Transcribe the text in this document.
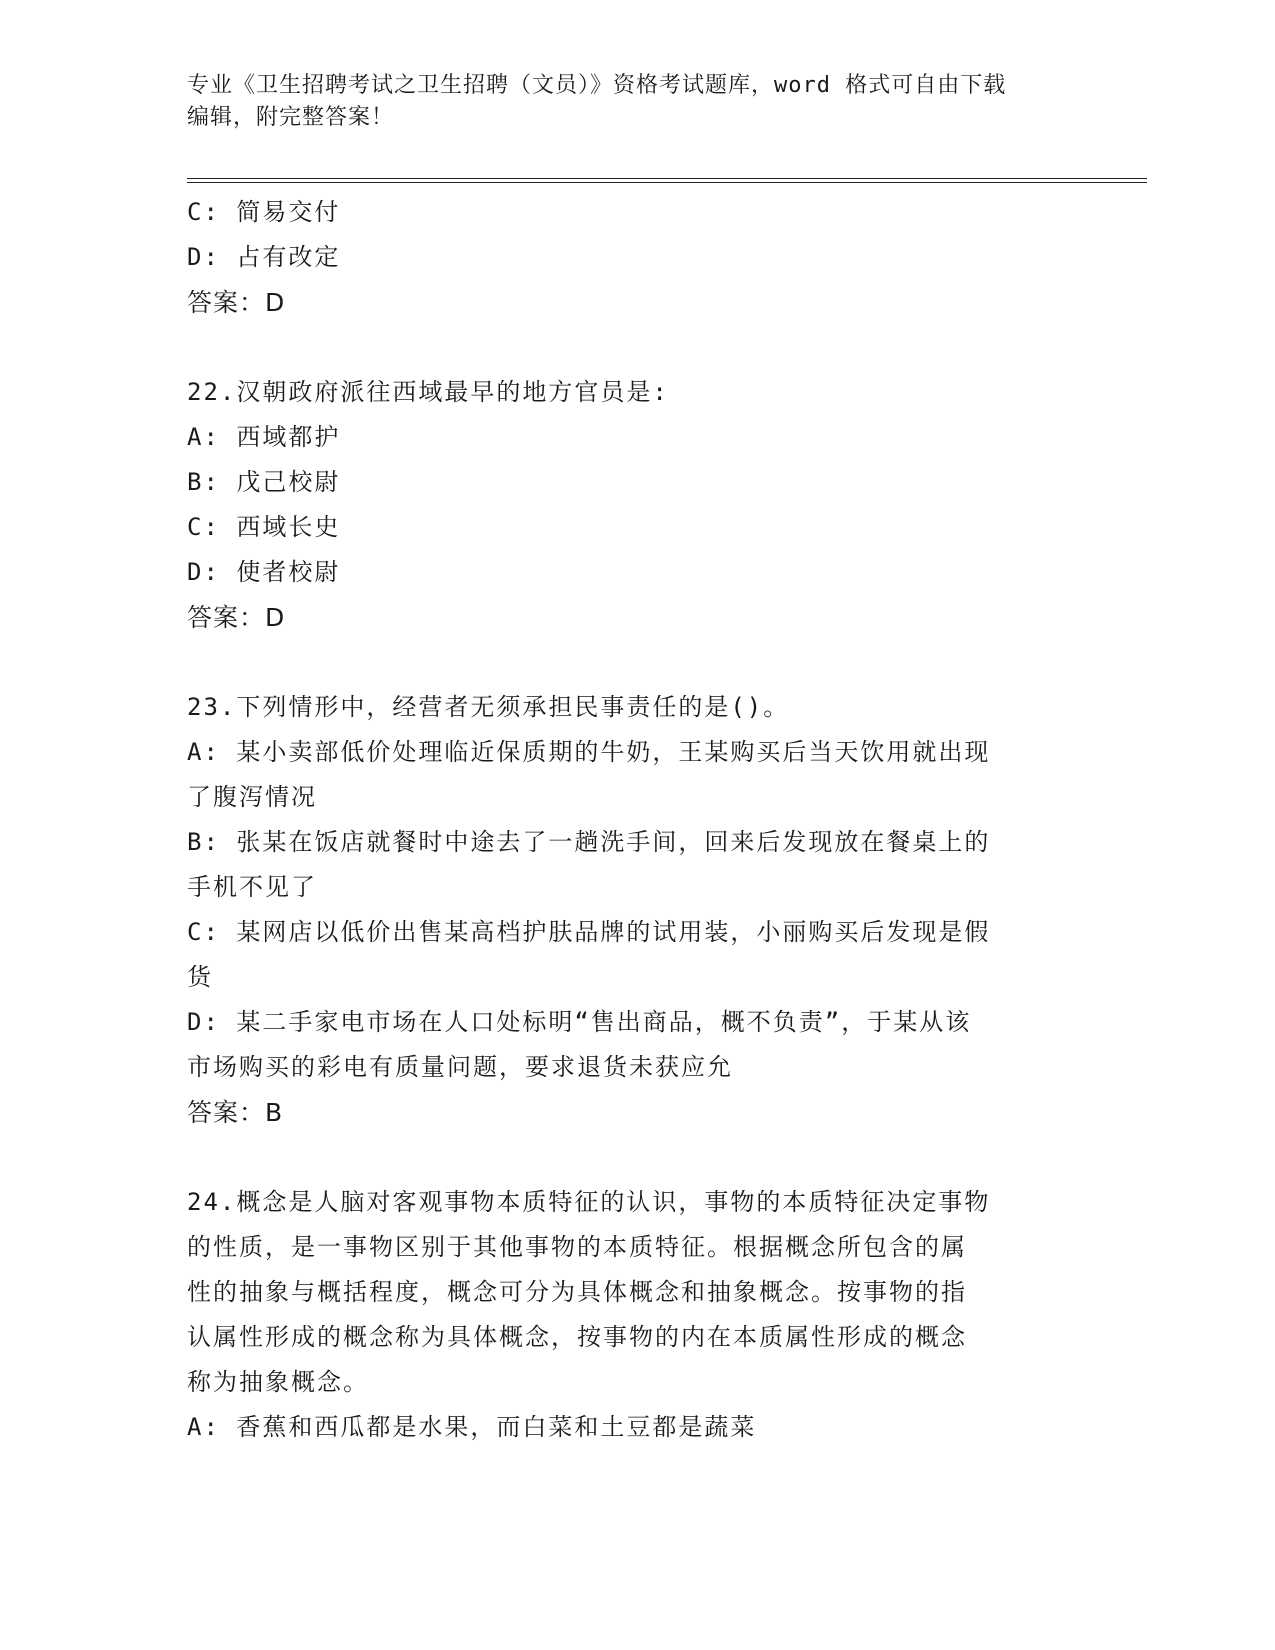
专业《卫生招聘考试之卫生招聘（文员）》资格考试题库，word 格式可自由下载
编辑，附完整答案！
C: 简易交付
D: 占有改定
答案：D
22.汉朝政府派往西域最早的地方官员是:
A: 西域都护
B: 戊己校尉
C: 西域长史
D: 使者校尉
答案：D
23.下列情形中，经营者无须承担民事责任的是()。
A: 某小卖部低价处理临近保质期的牛奶，王某购买后当天饮用就出现
了腹泻情况
B: 张某在饭店就餐时中途去了一趟洗手间，回来后发现放在餐桌上的
手机不见了
C: 某网店以低价出售某高档护肤品牌的试用装，小丽购买后发现是假
货
D: 某二手家电市场在人口处标明“售出商品，概不负责”，于某从该
市场购买的彩电有质量问题，要求退货未获应允
答案：B
24.概念是人脑对客观事物本质特征的认识，事物的本质特征决定事物
的性质，是一事物区别于其他事物的本质特征。根据概念所包含的属
性的抽象与概括程度，概念可分为具体概念和抽象概念。按事物的指
认属性形成的概念称为具体概念，按事物的内在本质属性形成的概念
称为抽象概念。
A: 香蕉和西瓜都是水果，而白菜和土豆都是蔬菜
